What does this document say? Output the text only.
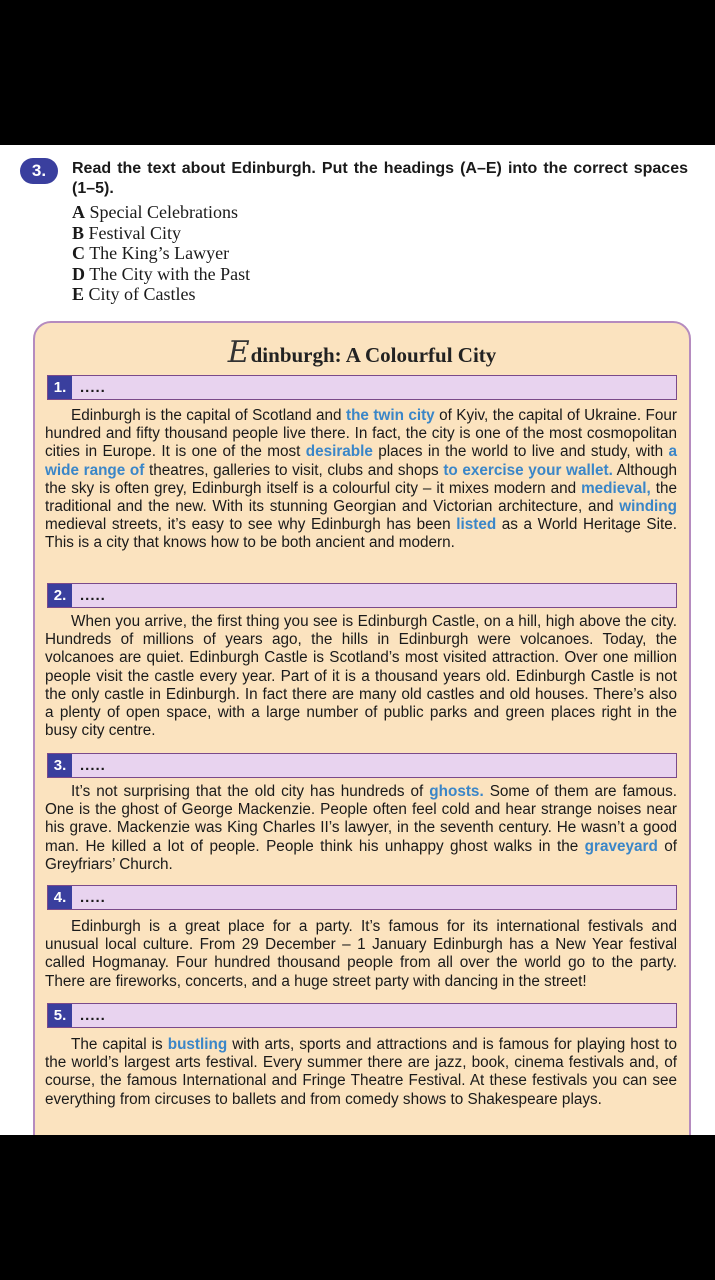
3.	Read the text about Edinburgh. Put the headings (A–E) into the correct spaces (1–5).
A Special Celebrations
B Festival City
C The King’s Lawyer
D The City with the Past
E City of Castles
Edinburgh: A Colourful City
1. .....
Edinburgh is the capital of Scotland and the twin city of Kyiv, the capital of Ukraine. Four hundred and fifty thousand people live there. In fact, the city is one of the most cosmopolitan cities in Europe. It is one of the most desirable places in the world to live and study, with a wide range of theatres, galleries to visit, clubs and shops to exercise your wallet. Although the sky is often grey, Edinburgh itself is a colourful city – it mixes modern and medieval, the traditional and the new. With its stunning Georgian and Victorian architecture, and winding medieval streets, it’s easy to see why Edinburgh has been listed as a World Heritage Site. This is a city that knows how to be both ancient and modern.
2. .....
When you arrive, the first thing you see is Edinburgh Castle, on a hill, high above the city. Hundreds of millions of years ago, the hills in Edinburgh were volcanoes. Today, the volcanoes are quiet. Edinburgh Castle is Scotland’s most visited attraction. Over one million people visit the castle every year. Part of it is a thousand years old. Edinburgh Castle is not the only castle in Edinburgh. In fact there are many old castles and old houses. There’s also a plenty of open space, with a large number of public parks and green places right in the busy city centre.
3. .....
It’s not surprising that the old city has hundreds of ghosts. Some of them are famous. One is the ghost of George Mackenzie. People often feel cold and hear strange noises near his grave. Mackenzie was King Charles II’s lawyer, in the seventh century. He wasn’t a good man. He killed a lot of people. People think his unhappy ghost walks in the graveyard of Greyfriars’ Church.
4. .....
Edinburgh is a great place for a party. It’s famous for its international festivals and unusual local culture. From 29 December – 1 January Edinburgh has a New Year festival called Hogmanay. Four hundred thousand people from all over the world go to the party. There are fireworks, concerts, and a huge street party with dancing in the street!
5. .....
The capital is bustling with arts, sports and attractions and is famous for playing host to the world’s largest arts festival. Every summer there are jazz, book, cinema festivals and, of course, the famous International and Fringe Theatre Festival. At these festivals you can see everything from circuses to ballets and from comedy shows to Shakespeare plays.
